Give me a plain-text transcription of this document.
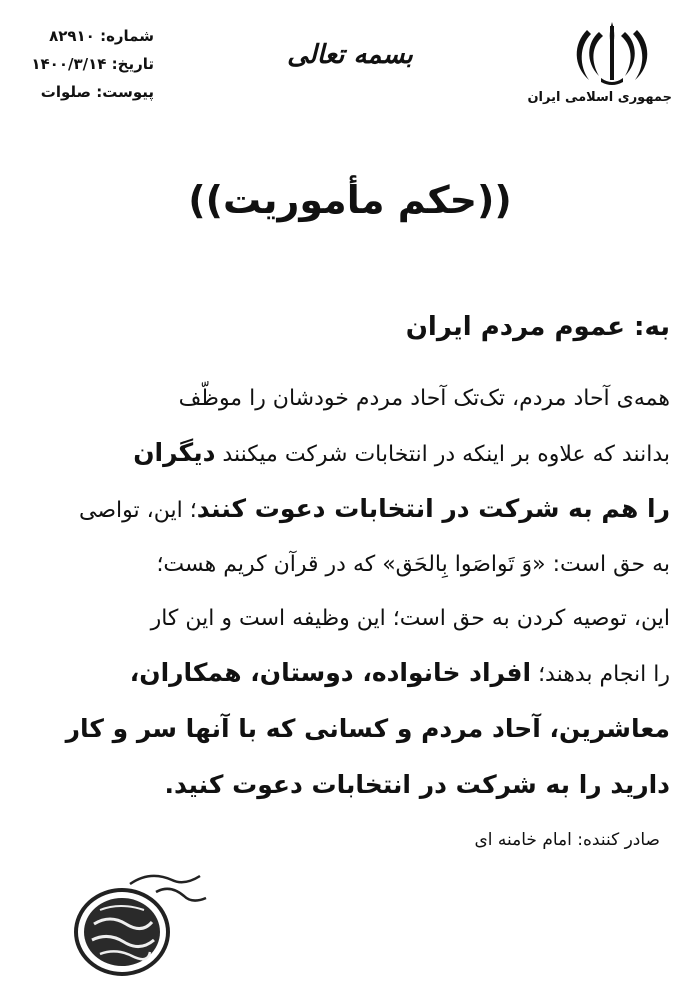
جمهوری اسلامی ایران
بسمه تعالی
شماره: ۸۲۹۱۰
تاریخ: ۱۴۰۰/۳/۱۴
پیوست: صلوات
((حکم مأموریت))
به: عموم مردم ایران
همه‌ی آحاد مردم، تک‌تک آحاد مردم خودشان را موظّف
بدانند که علاوه بر اینکه در انتخابات شرکت میکنند دیگران
را هم به شرکت در انتخابات دعوت کنند؛ این، تواصی
به حق است: «وَ تَواصَوا بِالحَق» که در قرآن کریم هست؛
این، توصیه کردن به حق است؛ این وظیفه است و این کار
را انجام بدهند؛ افراد خانواده، دوستان، همکاران،
معاشرین، آحاد مردم و کسانی که با آنها سر و کار
دارید را به شرکت در انتخابات دعوت کنید.
صادر کننده: امام خامنه ای
